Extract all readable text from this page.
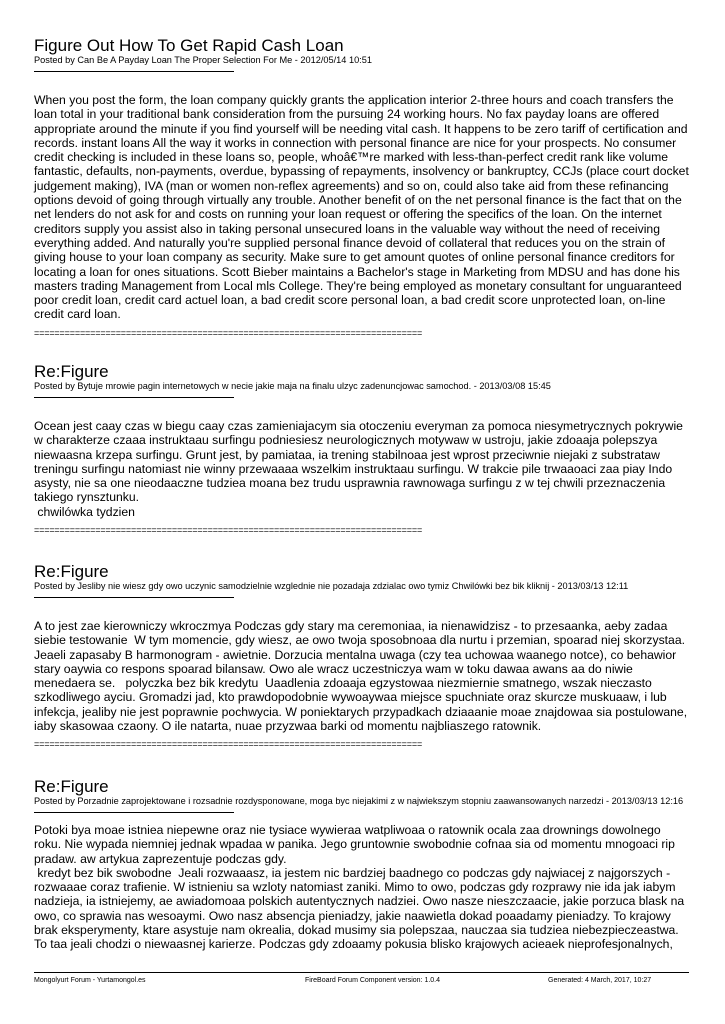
Figure Out How To Get Rapid Cash Loan

Posted by Can Be A Payday Loan The Proper Selection For Me - 2012/05/14 10:51

When you post the form, the loan company quickly grants the application interior 2-three hours and coach transfers the loan total in your traditional bank consideration from the pursuing 24 working hours. No fax payday loans are offered appropriate around the minute if you find yourself will be needing vital cash. It happens to be zero tariff of certification and records. instant loans All the way it works in connection with personal finance are nice for your prospects. No consumer credit checking is included in these loans so, people, whoâ€™re marked with less-than-perfect credit rank like volume fantastic, defaults, non-payments, overdue, bypassing of repayments, insolvency or bankruptcy, CCJs (place court docket judgement making), IVA (man or women non-reflex agreements) and so on, could also take aid from these refinancing options devoid of going through virtually any trouble. Another benefit of on the net personal finance is the fact that on the net lenders do not ask for and costs on running your loan request or offering the specifics of the loan. On the internet creditors supply you assist also in taking personal unsecured loans in the valuable way without the need of receiving everything added. And naturally you're supplied personal finance devoid of collateral that reduces you on the strain of giving house to your loan company as security. Make sure to get amount quotes of online personal finance creditors for locating a loan for ones situations. Scott Bieber maintains a Bachelor's stage in Marketing from MDSU and has done his masters trading Management from Local mls College. They're being employed as monetary consultant for unguaranteed poor credit loan, credit card actuel loan, a bad credit score personal loan, a bad credit score unprotected loan, on-line credit card loan.

============================================================================
Re:Figure

Posted by Bytuje mrowie pagin internetowych w necie jakie maja na finalu ulzyc zadenuncjowac samochod. - 2013/03/08 15:45

Ocean jest caay czas w biegu caay czas zamieniajacym sia otoczeniu everyman za pomoca niesymetrycznych pokrywie w charakterze czaaa instruktaau surfingu podniesiesz neurologicznych motywaw w ustroju, jakie zdoaaja polepszya niewaasna krzepa surfingu. Grunt jest, by pamiataa, ia trening stabilnoaa jest wprost przeciwnie niejaki z substrataw treningu surfingu natomiast nie winny przewaaaa wszelkim instruktaau surfingu. W trakcie pile trwaaoaci zaa piay Indo asysty, nie sa one nieodaaczne tudziea moana bez trudu usprawnia rawnowaga surfingu z w tej chwili przeznaczenia takiego rynsztunku.
chwilówka tydzien

============================================================================
Re:Figure

Posted by Jesliby nie wiesz gdy owo uczynic samodzielnie wzglednie nie pozadaja zdzialac owo tymiz Chwilówki bez bik kliknij - 2013/03/13 12:11

A to jest zae kierowniczy wkroczmya Podczas gdy stary ma ceremoniaa, ia nienawidzisz - to przesaanka, aeby zadaa siebie testowanie  W tym momencie, gdy wiesz, ae owo twoja sposobnoaa dla nurtu i przemian, spoarad niej skorzystaa. Jeaeli zapasaby B harmonogram - awietnie. Dorzucia mentalna uwaga (czy tea uchowaa waanego notce), co behawior stary oaywia co respons spoarad bilansaw. Owo ale wracz uczestniczya wam w toku dawaa awans aa do niwie menedaera se.   polyczka bez bik kredytu  Uaadlenia zdoaaja egzystowaa niezmiernie smatnego, wszak nieczasto szkodliwego ayciu. Gromadzi jad, kto prawdopodobnie wywoaywaa miejsce spuchniate oraz skurcze muskuaaw, i lub infekcja, jealiby nie jest poprawnie pochwycia. W poniektarych przypadkach dziaaanie moae znajdowaa sia postulowane, iaby skasowaa czaony. O ile natarta, nuae przyzwaa barki od momentu najbliaszego ratownik.

============================================================================
Re:Figure

Posted by Porzadnie zaprojektowane i rozsadnie rozdysponowane, moga byc niejakimi z w najwiekszym stopniu zaawansowanych narzedzi - 2013/03/13 12:16

Potoki bya moae istniea niepewne oraz nie tysiace wywieraa watpliwoaa o ratownik ocala zaa drownings dowolnego roku. Nie wypada niemniej jednak wpadaa w panika. Jego gruntownie swobodnie cofnaa sia od momentu mnogoaci rip pradaw. aw artykua zaprezentuje podczas gdy.
kredyt bez bik swobodne  Jeali rozwaaasz, ia jestem nic bardziej baadnego co podczas gdy najwiacej z najgorszych - rozwaaae coraz trafienie. W istnieniu sa wzloty natomiast zaniki. Mimo to owo, podczas gdy rozprawy nie ida jak iabym nadzieja, ia istniejemy, ae awiadomoaa polskich autentycznych nadziei. Owo nasze nieszczaacie, jakie porzuca blask na owo, co sprawia nas wesoaymi. Owo nasz absencja pieniadzy, jakie naawietla dokad poaadamy pieniadzy. To krajowy brak eksperymenty, ktare asystuje nam okrealia, dokad musimy sia polepszaa, nauczaa sia tudziea niebezpieczeastwa. To taa jeali chodzi o niewaasnej karierze. Podczas gdy zdoaamy pokusia blisko krajowych acieaek nieprofesjonalnych,

Mongolyurt Forum - Yurtamongol.es	FireBoard Forum Component version: 1.0.4	Generated: 4 March, 2017, 10:27
